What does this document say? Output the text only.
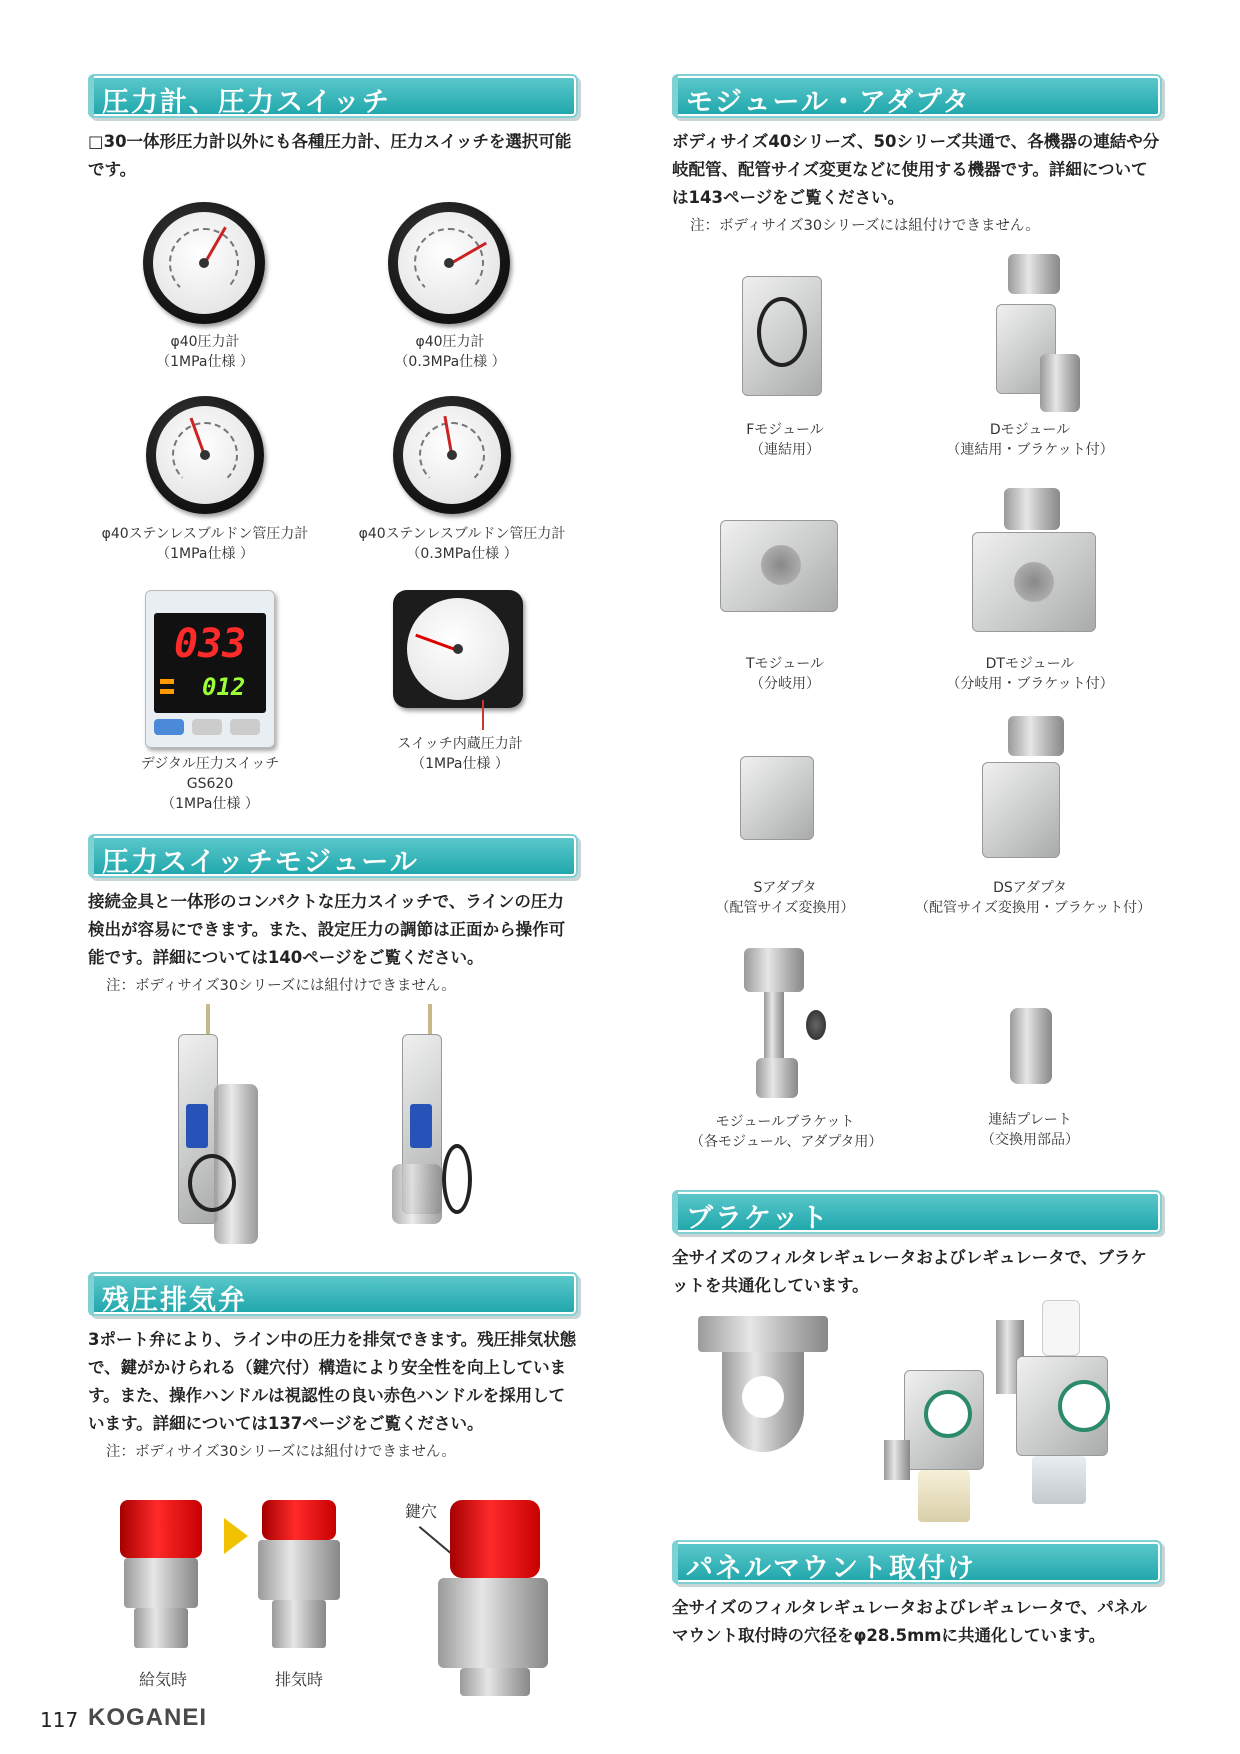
圧力計、圧力スイッチ

□30一体形圧力計以外にも各種圧力計、圧力スイッチを選択可能です。

φ40圧力計
（1MPa仕様 ）
φ40圧力計
（0.3MPa仕様 ）
φ40ステンレスブルドン管圧力計
（1MPa仕様 ）
φ40ステンレスブルドン管圧力計
（0.3MPa仕様 ）
033
012
デジタル圧力スイッチ
GS620
（1MPa仕様 ）
スイッチ内蔵圧力計
（1MPa仕様 ）
圧力スイッチモジュール

接続金具と一体形のコンパクトな圧力スイッチで、ラインの圧力検出が容易にできます。また、設定圧力の調節は正面から操作可能です。詳細については140ページをご覧ください。

注：ボディサイズ30シリーズには組付けできません。

残圧排気弁

3ポート弁により、ライン中の圧力を排気できます。残圧排気状態で、鍵がかけられる（鍵穴付）構造により安全性を向上しています。また、操作ハンドルは視認性の良い赤色ハンドルを採用しています。詳細については137ページをご覧ください。

注：ボディサイズ30シリーズには組付けできません。

給気時	排気時
鍵穴
モジュール・アダプタ

ボディサイズ40シリーズ、50シリーズ共通で、各機器の連結や分岐配管、配管サイズ変更などに使用する機器です。詳細については143ページをご覧ください。

注：ボディサイズ30シリーズには組付けできません。

Fモジュール
（連結用）
Dモジュール
（連結用・ブラケット付）
Tモジュール
（分岐用）
DTモジュール
（分岐用・ブラケット付）
Sアダプタ
（配管サイズ変換用）
DSアダプタ
（配管サイズ変換用・ブラケット付）
モジュールブラケット
（各モジュール、アダプタ用）
連結プレート
（交換用部品）
ブラケット

全サイズのフィルタレギュレータおよびレギュレータで、ブラケットを共通化しています。

パネルマウント取付け

全サイズのフィルタレギュレータおよびレギュレータで、パネルマウント取付時の穴径をφ28.5mmに共通化しています。

117 KOGANEI
